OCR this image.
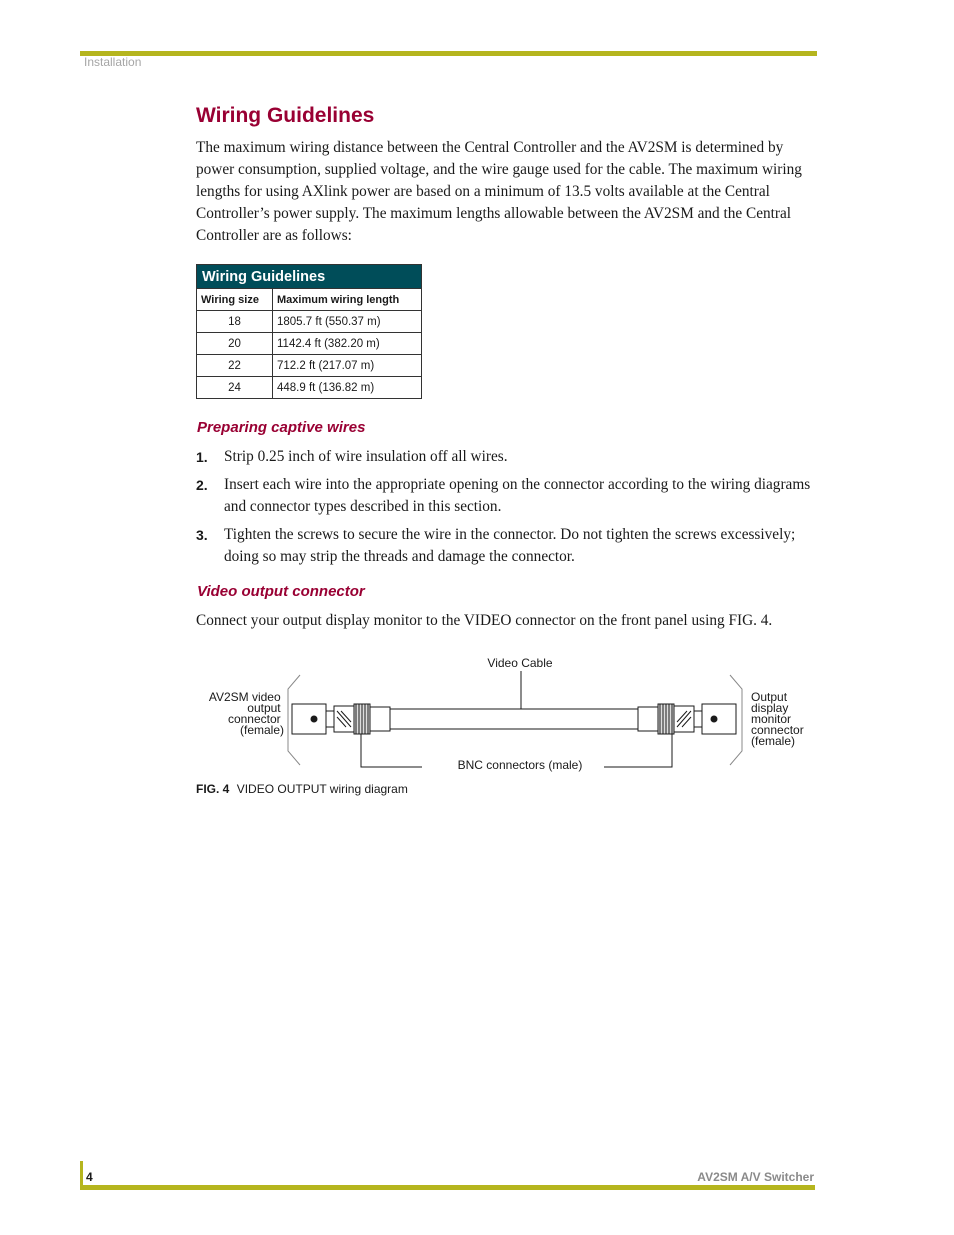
Installation
Wiring Guidelines

The maximum wiring distance between the Central Controller and the AV2SM is determined by power consumption, supplied voltage, and the wire gauge used for the cable. The maximum wiring lengths for using AXlink power are based on a minimum of 13.5 volts available at the Central Controller’s power supply. The maximum lengths allowable between the AV2SM and the Central Controller are as follows:

Wiring Guidelines	
Wiring size	Maximum wiring length
18	1805.7 ft (550.37 m)
20	1142.4 ft (382.20 m)
22	712.2 ft (217.07 m)
24	448.9 ft (136.82 m)
Preparing captive wires
1. Strip 0.25 inch of wire insulation off all wires.
2. Insert each wire into the appropriate opening on the connector according to the wiring diagrams and connector types described in this section.
3. Tighten the screws to secure the wire in the connector. Do not tighten the screws excessively; doing so may strip the threads and damage the connector.
Video output connector

Connect your output display monitor to the VIDEO connector on the front panel using FIG. 4.

Video Cable
AV2SM video output connector (female)
Output display monitor connector (female)
BNC connectors (male)
FIG. 4 VIDEO OUTPUT wiring diagram
4	AV2SM A/V Switcher
